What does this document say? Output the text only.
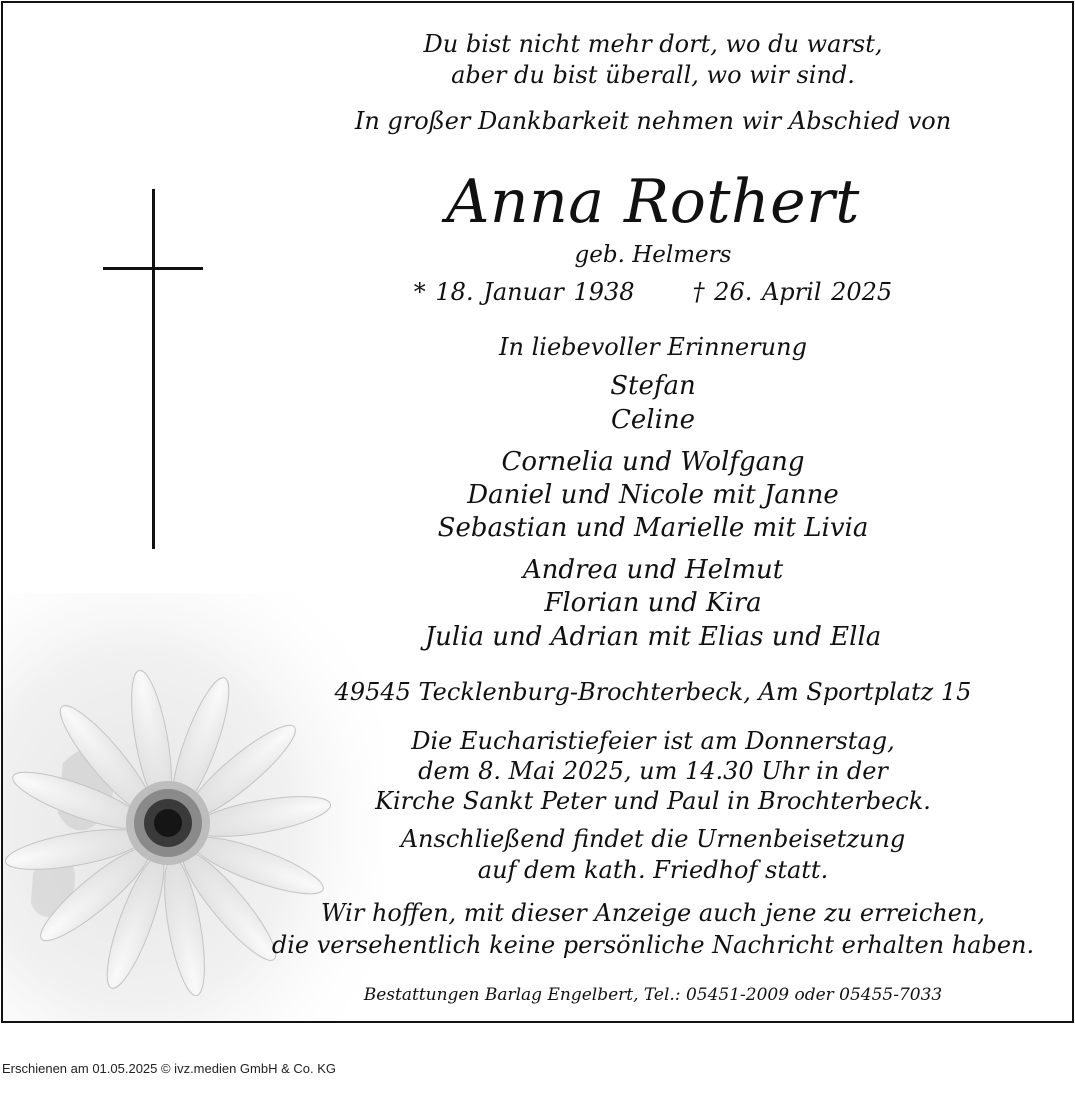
Du bist nicht mehr dort, wo du warst,
aber du bist überall, wo wir sind.
In großer Dankbarkeit nehmen wir Abschied von
Anna Rothert
geb. Helmers
* 18. Januar 1938 † 26. April 2025
In liebevoller Erinnerung
Stefan
Celine
Cornelia und Wolfgang
Daniel und Nicole mit Janne
Sebastian und Marielle mit Livia
Andrea und Helmut
Florian und Kira
Julia und Adrian mit Elias und Ella
49545 Tecklenburg-Brochterbeck, Am Sportplatz 15
Die Eucharistiefeier ist am Donnerstag,
dem 8. Mai 2025, um 14.30 Uhr in der
Kirche Sankt Peter und Paul in Brochterbeck.
Anschließend findet die Urnenbeisetzung
auf dem kath. Friedhof statt.
Wir hoffen, mit dieser Anzeige auch jene zu erreichen,
die versehentlich keine persönliche Nachricht erhalten haben.
Bestattungen Barlag Engelbert, Tel.: 05451-2009 oder 05455-7033
Erschienen am 01.05.2025 © ivz.medien GmbH & Co. KG
